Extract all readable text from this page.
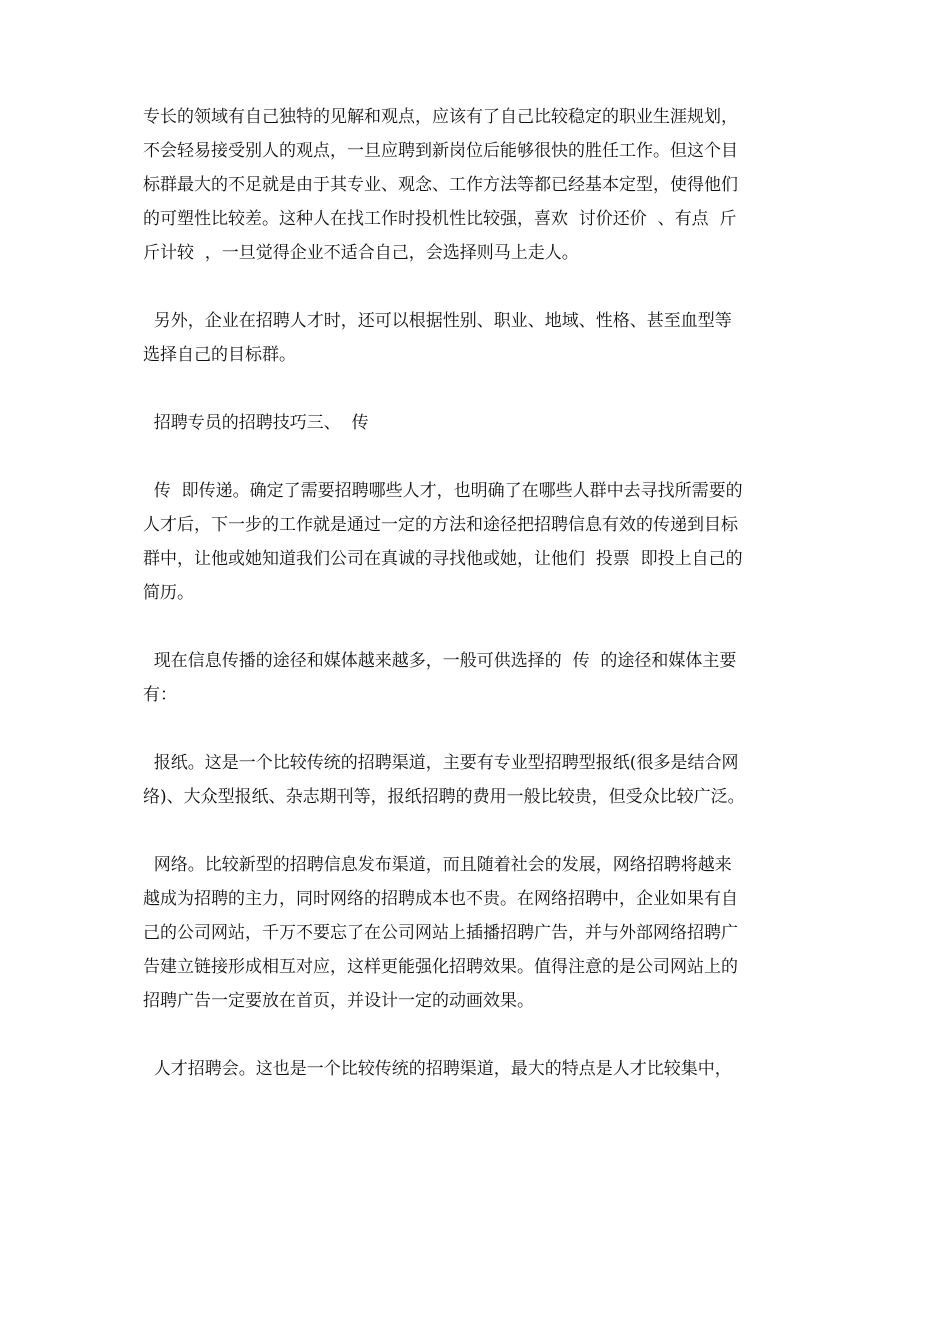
专长的领域有自己独特的见解和观点，应该有了自己比较稳定的职业生涯规划，
不会轻易接受别人的观点，一旦应聘到新岗位后能够很快的胜任工作。但这个目
标群最大的不足就是由于其专业、观念、工作方法等都已经基本定型，使得他们
的可塑性比较差。这种人在找工作时投机性比较强，喜欢  讨价还价  、有点  斤
斤计较  ，一旦觉得企业不适合自己，会选择则马上走人。
另外，企业在招聘人才时，还可以根据性别、职业、地域、性格、甚至血型等
选择自己的目标群。
招聘专员的招聘技巧三、  传
传  即传递。确定了需要招聘哪些人才，也明确了在哪些人群中去寻找所需要的
人才后，下一步的工作就是通过一定的方法和途径把招聘信息有效的传递到目标
群中，让他或她知道我们公司在真诚的寻找他或她，让他们  投票  即投上自己的
简历。
现在信息传播的途径和媒体越来越多，一般可供选择的  传  的途径和媒体主要
有：
报纸。这是一个比较传统的招聘渠道，主要有专业型招聘型报纸(很多是结合网
络)、大众型报纸、杂志期刊等，报纸招聘的费用一般比较贵，但受众比较广泛。
网络。比较新型的招聘信息发布渠道，而且随着社会的发展，网络招聘将越来
越成为招聘的主力，同时网络的招聘成本也不贵。在网络招聘中，企业如果有自
己的公司网站，千万不要忘了在公司网站上插播招聘广告，并与外部网络招聘广
告建立链接形成相互对应，这样更能强化招聘效果。值得注意的是公司网站上的
招聘广告一定要放在首页，并设计一定的动画效果。
人才招聘会。这也是一个比较传统的招聘渠道，最大的特点是人才比较集中，
